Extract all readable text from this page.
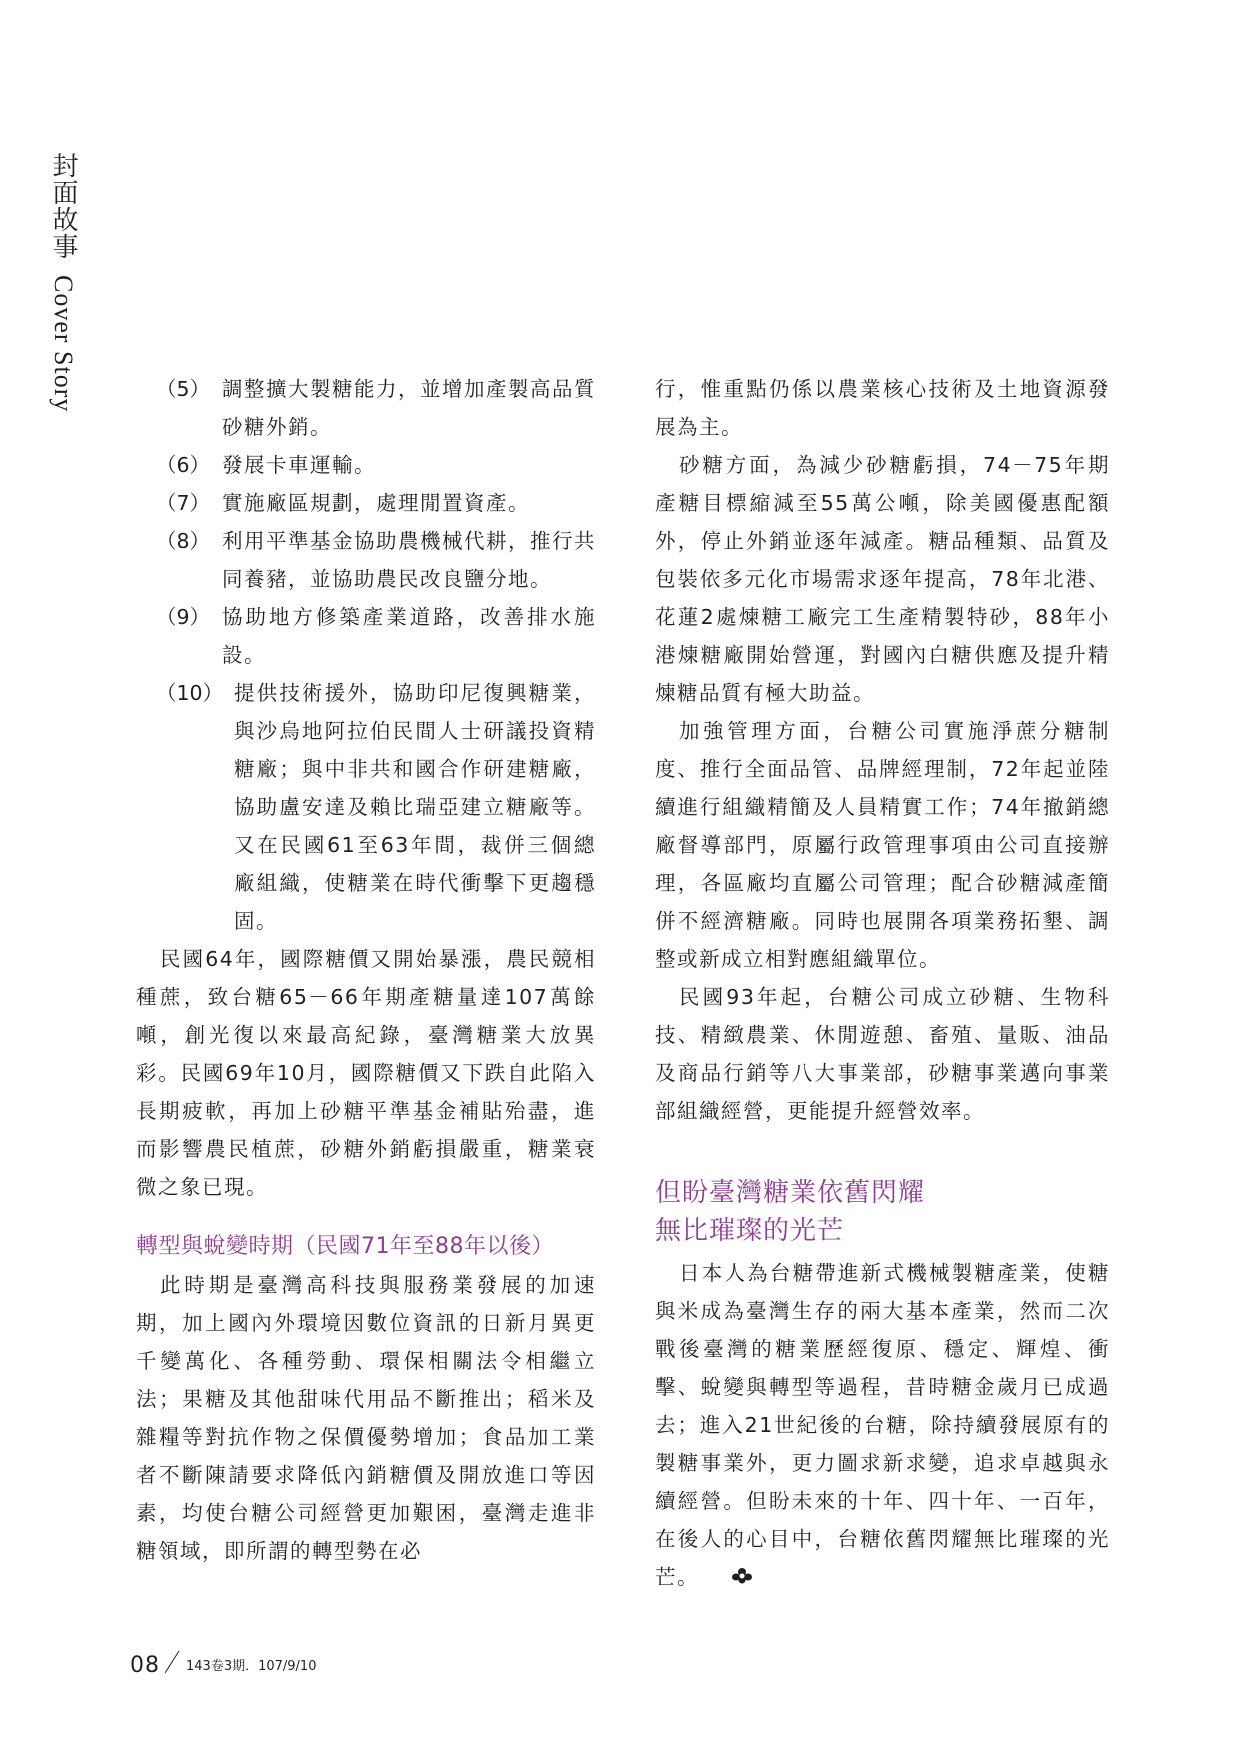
封面故事 Cover Story	（5） 調整擴大製糖能力，並增加產製高品質砂糖外銷。
（6） 發展卡車運輸。
（7） 實施廠區規劃，處理閒置資產。
（8） 利用平準基金協助農機械代耕，推行共同養豬，並協助農民改良鹽分地。
（9） 協助地方修築產業道路，改善排水施設。
（10） 提供技術援外，協助印尼復興糖業，與沙烏地阿拉伯民間人士研議投資精糖廠；與中非共和國合作研建糖廠，協助盧安達及賴比瑞亞建立糖廠等。又在民國61至63年間，裁併三個總廠組織，使糖業在時代衝擊下更趨穩固。

民國64年，國際糖價又開始暴漲，農民競相種蔗，致台糖65－66年期產糖量達107萬餘噸，創光復以來最高紀錄，臺灣糖業大放異彩。民國69年10月，國際糖價又下跌自此陷入長期疲軟，再加上砂糖平準基金補貼殆盡，進而影響農民植蔗，砂糖外銷虧損嚴重，糖業衰微之象已現。

轉型與蛻變時期（民國71年至88年以後）

此時期是臺灣高科技與服務業發展的加速期，加上國內外環境因數位資訊的日新月異更千變萬化、各種勞動、環保相關法令相繼立法；果糖及其他甜味代用品不斷推出；稻米及雜糧等對抗作物之保價優勢增加；食品加工業者不斷陳請要求降低內銷糖價及開放進口等因素，均使台糖公司經營更加艱困，臺灣走進非糖領域，即所謂的轉型勢在必

行，惟重點仍係以農業核心技術及土地資源發展為主。

砂糖方面，為減少砂糖虧損，74－75年期產糖目標縮減至55萬公噸，除美國優惠配額外，停止外銷並逐年減產。糖品種類、品質及包裝依多元化市場需求逐年提高，78年北港、花蓮2處煉糖工廠完工生產精製特砂，88年小港煉糖廠開始營運，對國內白糖供應及提升精煉糖品質有極大助益。

加強管理方面，台糖公司實施淨蔗分糖制度、推行全面品管、品牌經理制，72年起並陸續進行組織精簡及人員精實工作；74年撤銷總廠督導部門，原屬行政管理事項由公司直接辦理，各區廠均直屬公司管理；配合砂糖減產簡併不經濟糖廠。同時也展開各項業務拓墾、調整或新成立相對應組織單位。

民國93年起，台糖公司成立砂糖、生物科技、精緻農業、休閒遊憩、畜殖、量販、油品及商品行銷等八大事業部，砂糖事業邁向事業部組織經營，更能提升經營效率。

但盼臺灣糖業依舊閃耀
無比璀璨的光芒

日本人為台糖帶進新式機械製糖產業，使糖與米成為臺灣生存的兩大基本產業，然而二次戰後臺灣的糖業歷經復原、穩定、輝煌、衝擊、蛻變與轉型等過程，昔時糖金歲月已成過去；進入21世紀後的台糖，除持續發展原有的製糖事業外，更力圖求新求變，追求卓越與永續經營。但盼未來的十年、四十年、一百年，在後人的心目中，台糖依舊閃耀無比璀璨的光芒。

08 143卷3期．107/9/10
